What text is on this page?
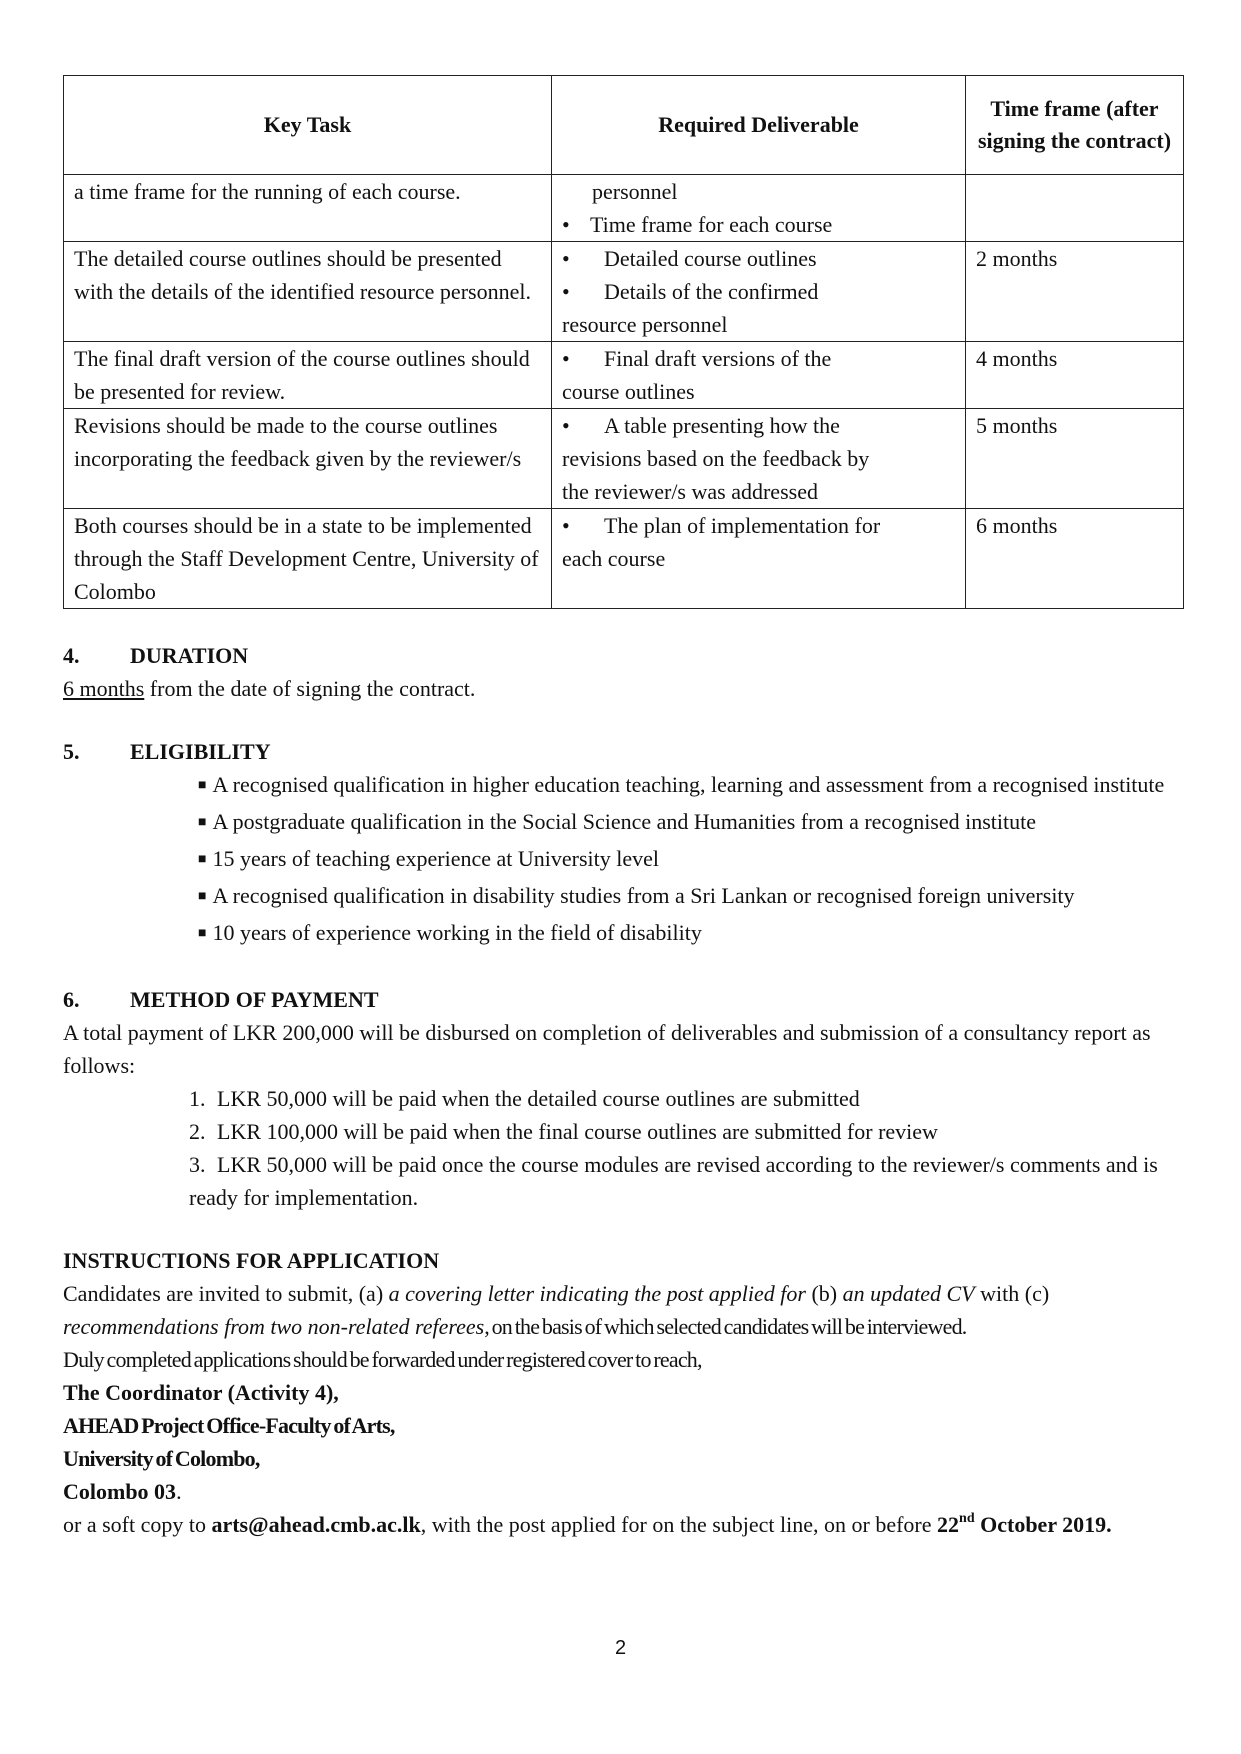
Key Task	Required Deliverable	Time frame (after signing the contract)
a time frame for the running of each course.	personnel
• Time frame for each course	

The detailed course outlines should be presented with the details of the identified resource personnel.	• Detailed course outlines
• Details of the confirmed
resource personnel	2 months
The final draft version of the course outlines should be presented for review.	• Final draft versions of the
course outlines	4 months
Revisions should be made to the course outlines incorporating the feedback given by the reviewer/s	• A table presenting how the
revisions based on the feedback by
the reviewer/s was addressed	5 months
Both courses should be in a state to be implemented through the Staff Development Centre, University of Colombo	• The plan of implementation for
each course	6 months
4. DURATION
6 months from the date of signing the contract.
5. ELIGIBILITY
■ A recognised qualification in higher education teaching, learning and assessment from a recognised institute
■ A postgraduate qualification in the Social Science and Humanities from a recognised institute
■ 15 years of teaching experience at University level
■ A recognised qualification in disability studies from a Sri Lankan or recognised foreign university
■ 10 years of experience working in the field of disability
6. METHOD OF PAYMENT
A total payment of LKR 200,000 will be disbursed on completion of deliverables and submission of a consultancy report as follows:
1. LKR 50,000 will be paid when the detailed course outlines are submitted
2. LKR 100,000 will be paid when the final course outlines are submitted for review
3. LKR 50,000 will be paid once the course modules are revised according to the reviewer/s comments and is ready for implementation.
INSTRUCTIONS FOR APPLICATION
Candidates are invited to submit, (a) a covering letter indicating the post applied for (b) an updated CV with (c) recommendations from two non-related referees, on the basis of which selected candidates will be interviewed.
Duly completed applications should be forwarded under registered cover to reach,
The Coordinator (Activity 4),
AHEAD Project Office-Faculty of Arts,
University of Colombo,
Colombo 03.
or a soft copy to arts@ahead.cmb.ac.lk, with the post applied for on the subject line, on or before 22nd October 2019.
2
